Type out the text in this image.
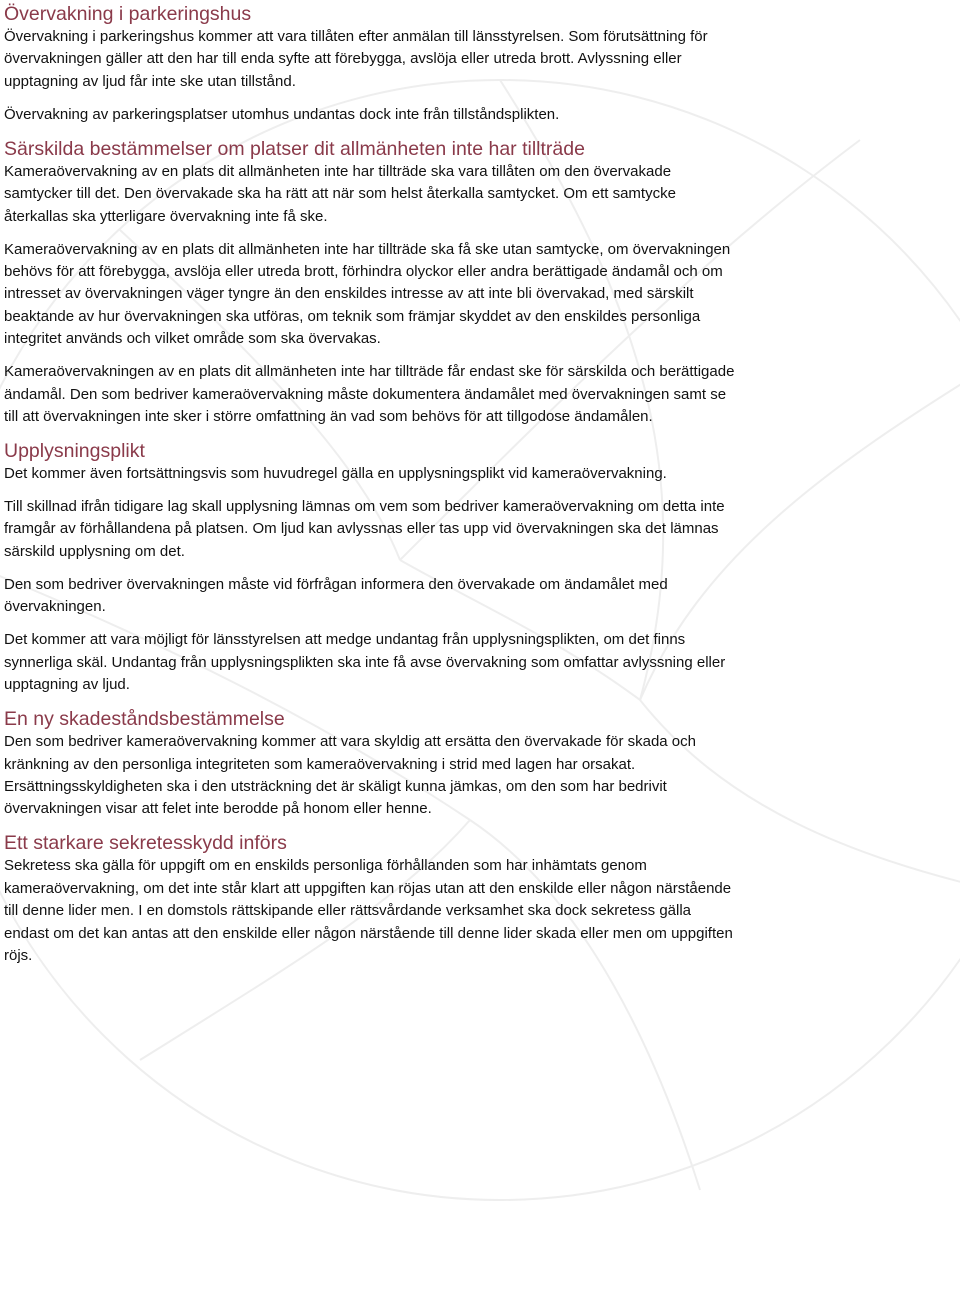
Övervakning i parkeringshus

Övervakning i parkeringshus kommer att vara tillåten efter anmälan till länsstyrelsen. Som förutsättning för övervakningen gäller att den har till enda syfte att förebygga, avslöja eller utreda brott. Avlyssning eller upptagning av ljud får inte ske utan tillstånd.

Övervakning av parkeringsplatser utomhus undantas dock inte från tillståndsplikten.

Särskilda bestämmelser om platser dit allmänheten inte har tillträde

Kameraövervakning av en plats dit allmänheten inte har tillträde ska vara tillåten om den övervakade samtycker till det. Den övervakade ska ha rätt att när som helst återkalla samtycket. Om ett samtycke återkallas ska ytterligare övervakning inte få ske.

Kameraövervakning av en plats dit allmänheten inte har tillträde ska få ske utan samtycke, om övervakningen behövs för att förebygga, avslöja eller utreda brott, förhindra olyckor eller andra berättigade ändamål och om intresset av övervakningen väger tyngre än den enskildes intresse av att inte bli övervakad, med särskilt beaktande av hur övervakningen ska utföras, om teknik som främjar skyddet av den enskildes personliga integritet används och vilket område som ska övervakas.

Kameraövervakningen av en plats dit allmänheten inte har tillträde får endast ske för särskilda och berättigade ändamål. Den som bedriver kameraövervakning måste dokumentera ändamålet med övervakningen samt se till att övervakningen inte sker i större omfattning än vad som behövs för att tillgodose ändamålen.

Upplysningsplikt

Det kommer även fortsättningsvis som huvudregel gälla en upplysningsplikt vid kameraövervakning.

Till skillnad ifrån tidigare lag skall upplysning lämnas om vem som bedriver kameraövervakning om detta inte framgår av förhållandena på platsen. Om ljud kan avlyssnas eller tas upp vid övervakningen ska det lämnas särskild upplysning om det.

Den som bedriver övervakningen måste vid förfrågan informera den övervakade om ändamålet med övervakningen.

Det kommer att vara möjligt för länsstyrelsen att medge undantag från upplysningsplikten, om det finns synnerliga skäl. Undantag från upplysningsplikten ska inte få avse övervakning som omfattar avlyssning eller upptagning av ljud.

En ny skadeståndsbestämmelse

Den som bedriver kameraövervakning kommer att vara skyldig att ersätta den övervakade för skada och kränkning av den personliga integriteten som kameraövervakning i strid med lagen har orsakat. Ersättningsskyldigheten ska i den utsträckning det är skäligt kunna jämkas, om den som har bedrivit övervakningen visar att felet inte berodde på honom eller henne.

Ett starkare sekretesskydd införs

Sekretess ska gälla för uppgift om en enskilds personliga förhållanden som har inhämtats genom kameraövervakning, om det inte står klart att uppgiften kan röjas utan att den enskilde eller någon närstående till denne lider men. I en domstols rättskipande eller rättsvårdande verksamhet ska dock sekretess gälla endast om det kan antas att den enskilde eller någon närstående till denne lider skada eller men om uppgiften röjs.
